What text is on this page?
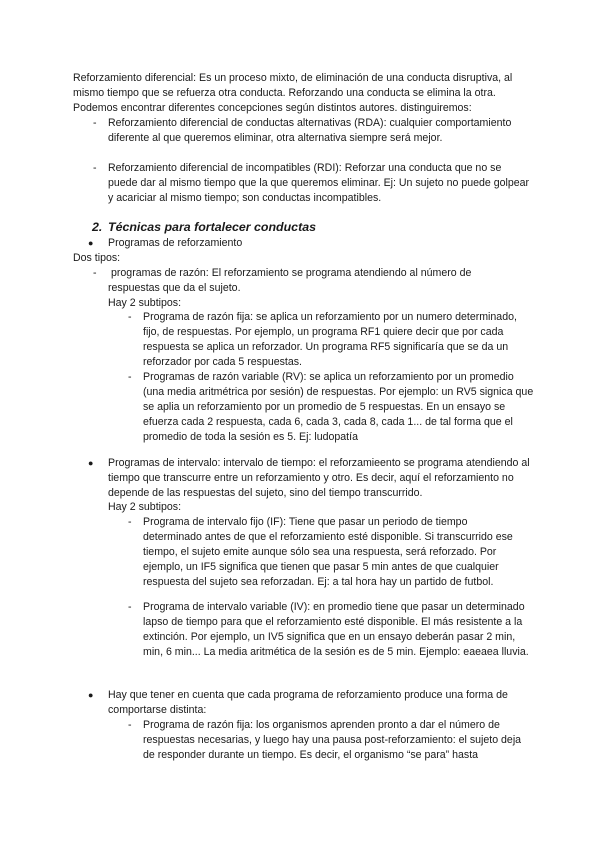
Reforzamiento diferencial: Es un proceso mixto, de eliminación de una conducta disruptiva, al mismo tiempo que se refuerza otra conducta. Reforzando una conducta se elimina la otra. Podemos encontrar diferentes concepciones según distintos autores. distinguiremos:

- Reforzamiento diferencial de conductas alternativas (RDA): cualquier comportamiento diferente al que queremos eliminar, otra alternativa siempre será mejor.

- Reforzamiento diferencial de incompatibles (RDI): Reforzar una conducta que no se puede dar al mismo tiempo que la que queremos eliminar. Ej: Un sujeto no puede golpear y acariciar al mismo tiempo; son conductas incompatibles.

2. Técnicas para fortalecer conductas
● Programas de reforzamiento
Dos tipos:
- programas de razón: El reforzamiento se programa atendiendo al número de respuestas que da el sujeto.

Hay 2 subtipos:
- Programa de razón fija: se aplica un reforzamiento por un numero determinado, fijo, de respuestas. Por ejemplo, un programa RF1 quiere decir que por cada respuesta se aplica un reforzador. Un programa RF5 significaría que se da un reforzador por cada 5 respuestas.

- Programas de razón variable (RV): se aplica un reforzamiento por un promedio (una media aritmétrica por sesión) de respuestas. Por ejemplo: un RV5 signica que se aplia un reforzamiento por un promedio de 5 respuestas. En un ensayo se efuerza cada 2 respuesta, cada 6, cada 3, cada 8, cada 1... de tal forma que el promedio de toda la sesión es 5. Ej: ludopatía

● Programas de intervalo: intervalo de tiempo: el reforzamieento se programa atendiendo al tiempo que transcurre entre un reforzamiento y otro. Es decir, aquí el reforzamiento no depende de las respuestas del sujeto, sino del tiempo transcurrido.

Hay 2 subtipos:
- Programa de intervalo fijo (IF): Tiene que pasar un periodo de tiempo determinado antes de que el reforzamiento esté disponible. Si transcurrido ese tiempo, el sujeto emite aunque sólo sea una respuesta, será reforzado. Por ejemplo, un IF5 significa que tienen que pasar 5 min antes de que cualquier respuesta del sujeto sea reforzadan. Ej: a tal hora hay un partido de futbol.

- Programa de intervalo variable (IV): en promedio tiene que pasar un determinado lapso de tiempo para que el reforzamiento esté disponible. El más resistente a la extinción. Por ejemplo, un IV5 significa que en un ensayo deberán pasar 2 min, min, 6 min... La media aritmética de la sesión es de 5 min. Ejemplo: eaeaea lluvia.

● Hay que tener en cuenta que cada programa de reforzamiento produce una forma de comportarse distinta:

- Programa de razón fija: los organismos aprenden pronto a dar el número de respuestas necesarias, y luego hay una pausa post-reforzamiento: el sujeto deja de responder durante un tiempo. Es decir, el organismo “se para” hasta
